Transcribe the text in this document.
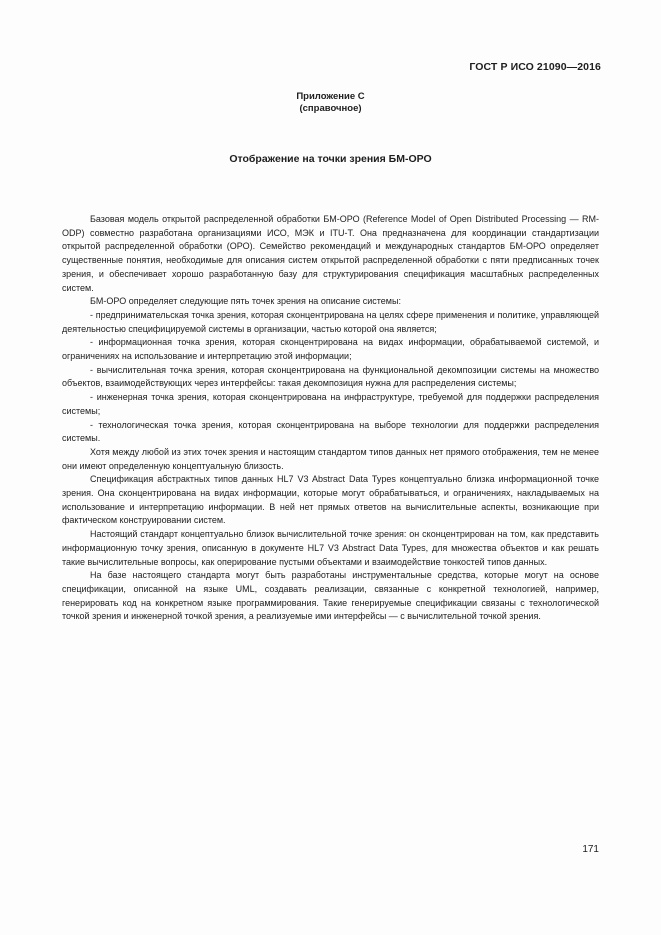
ГОСТ Р ИСО 21090—2016
Приложение С
(справочное)
Отображение на точки зрения БМ-ОРО

Базовая модель открытой распределенной обработки БМ-ОРО (Reference Model of Open Distributed Processing — RM-ODP) совместно разработана организациями ИСО, МЭК и ITU-T. Она предназначена для координации стандартизации открытой распределенной обработки (ОРО). Семейство рекомендаций и международных стандартов БМ-ОРО определяет существенные понятия, необходимые для описания систем открытой распределенной обработки с пяти предписанных точек зрения, и обеспечивает хорошо разработанную базу для структурирования спецификация масштабных распределенных систем.

БМ-ОРО определяет следующие пять точек зрения на описание системы:

- предпринимательская точка зрения, которая сконцентрирована на целях сфере применения и политике, управляющей деятельностью специфицируемой системы в организации, частью которой она является;

- информационная точка зрения, которая сконцентрирована на видах информации, обрабатываемой системой, и ограничениях на использование и интерпретацию этой информации;

- вычислительная точка зрения, которая сконцентрирована на функциональной декомпозиции системы на множество объектов, взаимодействующих через интерфейсы: такая декомпозиция нужна для распределения системы;

- инженерная точка зрения, которая сконцентрирована на инфраструктуре, требуемой для поддержки распределения системы;

- технологическая точка зрения, которая сконцентрирована на выборе технологии для поддержки распределения системы.

Хотя между любой из этих точек зрения и настоящим стандартом типов данных нет прямого отображения, тем не менее они имеют определенную концептуальную близость.

Спецификация абстрактных типов данных HL7 V3 Abstract Data Types концептуально близка информационной точке зрения. Она сконцентрирована на видах информации, которые могут обрабатываться, и ограничениях, накладываемых на использование и интерпретацию информации. В ней нет прямых ответов на вычислительные аспекты, возникающие при фактическом конструировании систем.

Настоящий стандарт концептуально близок вычислительной точке зрения: он сконцентрирован на том, как представить информационную точку зрения, описанную в документе HL7 V3 Abstract Data Types, для множества объектов и как решать такие вычислительные вопросы, как оперирование пустыми объектами и взаимодействие тонкостей типов данных.

На базе настоящего стандарта могут быть разработаны инструментальные средства, которые могут на основе спецификации, описанной на языке UML, создавать реализации, связанные с конкретной технологией, например, генерировать код на конкретном языке программирования. Такие генерируемые спецификации связаны с технологической точкой зрения и инженерной точкой зрения, а реализуемые ими интерфейсы — с вычислительной точкой зрения.

171
